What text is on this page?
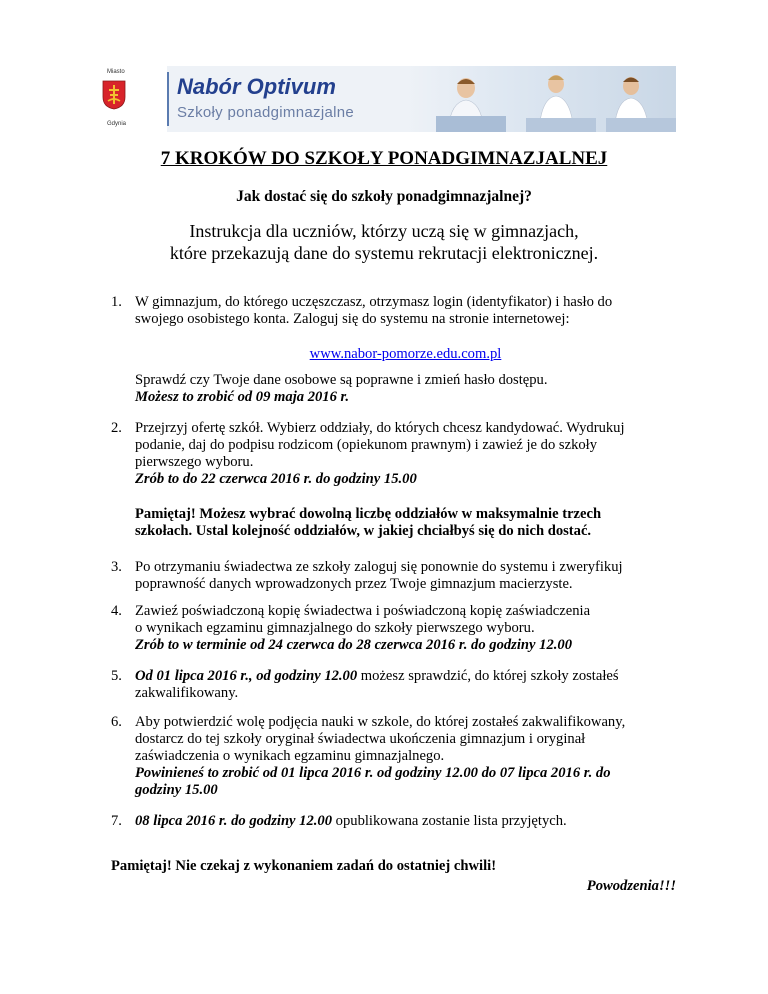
Miasto
Gdynia
Nabór Optivum
Szkoły ponadgimnazjalne
7 KROKÓW DO SZKOŁY PONADGIMNAZJALNEJ
Jak dostać się do szkoły ponadgimnazjalnej?
Instrukcja dla uczniów, którzy uczą się w gimnazjach,
które przekazują dane do systemu rekrutacji elektronicznej.
1. W gimnazjum, do którego uczęszczasz, otrzymasz login (identyfikator) i hasło do
swojego osobistego konta. Zaloguj się do systemu na stronie internetowej:
www.nabor-pomorze.edu.com.pl
Sprawdź czy Twoje dane osobowe są poprawne i zmień hasło dostępu.
Możesz to zrobić od 09 maja 2016 r.
2. Przejrzyj ofertę szkół. Wybierz oddziały, do których chcesz kandydować. Wydrukuj
podanie, daj do podpisu rodzicom (opiekunom prawnym) i zawieź je do szkoły
pierwszego wyboru.
Zrób to do 22 czerwca 2016 r. do godziny 15.00
Pamiętaj! Możesz wybrać dowolną liczbę oddziałów w maksymalnie trzech
szkołach. Ustal kolejność oddziałów, w jakiej chciałbyś się do nich dostać.
3. Po otrzymaniu świadectwa ze szkoły zaloguj się ponownie do systemu i zweryfikuj
poprawność danych wprowadzonych przez Twoje gimnazjum macierzyste.
4. Zawieź poświadczoną kopię świadectwa i poświadczoną kopię zaświadczenia
o wynikach egzaminu gimnazjalnego do szkoły pierwszego wyboru.
Zrób to w terminie od 24 czerwca do 28 czerwca 2016 r. do godziny 12.00
5. Od 01 lipca 2016 r., od godziny 12.00 możesz sprawdzić, do której szkoły zostałeś
zakwalifikowany.
6. Aby potwierdzić wolę podjęcia nauki w szkole, do której zostałeś zakwalifikowany,
dostarcz do tej szkoły oryginał świadectwa ukończenia gimnazjum i oryginał
zaświadczenia o wynikach egzaminu gimnazjalnego.
Powinieneś to zrobić od 01 lipca 2016 r. od godziny 12.00 do 07 lipca 2016 r. do
godziny 15.00
7. 08 lipca 2016 r. do godziny 12.00 opublikowana zostanie lista przyjętych.
Pamiętaj! Nie czekaj z wykonaniem zadań do ostatniej chwili!
Powodzenia!!!
